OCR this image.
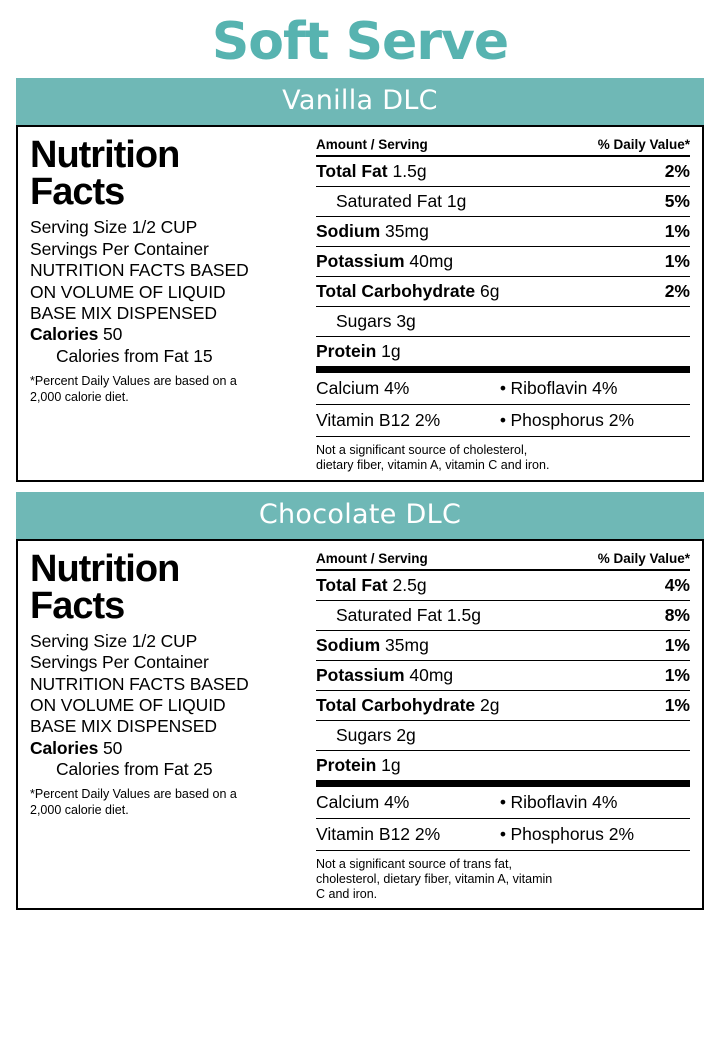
Soft Serve
Vanilla DLC
Nutrition
Facts
Serving Size 1/2 CUP
Servings Per Container
NUTRITION FACTS BASED
ON VOLUME OF LIQUID
BASE MIX DISPENSED
Calories 50
Calories from Fat 15
*Percent Daily Values are based on a
2,000 calorie diet.
Amount / Serving	% Daily Value*
Total Fat 1.5g	2%
Saturated Fat 1g	5%
Sodium 35mg	1%
Potassium 40mg	1%
Total Carbohydrate 6g	2%
Sugars 3g
Protein 1g
Calcium 4%	• Riboflavin 4%
Vitamin B12 2%	• Phosphorus 2%
Not a significant source of cholesterol,
dietary fiber, vitamin A, vitamin C and iron.
Chocolate DLC
Nutrition
Facts
Serving Size 1/2 CUP
Servings Per Container
NUTRITION FACTS BASED
ON VOLUME OF LIQUID
BASE MIX DISPENSED
Calories 50
Calories from Fat 25
*Percent Daily Values are based on a
2,000 calorie diet.
Amount / Serving	% Daily Value*
Total Fat 2.5g	4%
Saturated Fat 1.5g	8%
Sodium 35mg	1%
Potassium 40mg	1%
Total Carbohydrate 2g	1%
Sugars 2g
Protein 1g
Calcium 4%	• Riboflavin 4%
Vitamin B12 2%	• Phosphorus 2%
Not a significant source of trans fat,
cholesterol, dietary fiber, vitamin A, vitamin
C and iron.
